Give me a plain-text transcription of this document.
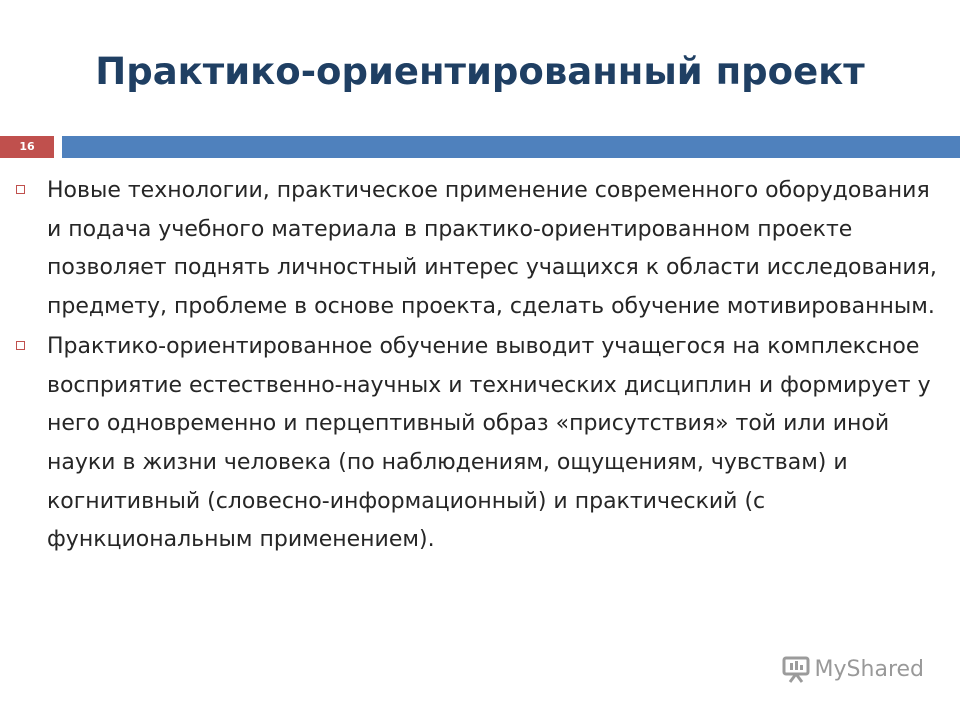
Практико-ориентированный проект
16
Новые технологии, практическое применение современного оборудования и подача учебного материала в практико-ориентированном проекте позволяет поднять личностный интерес учащихся к области исследования, предмету, проблеме в основе проекта, сделать обучение мотивированным.
Практико-ориентированное обучение выводит учащегося на комплексное восприятие естественно-научных и технических дисциплин и формирует у него одновременно и перцептивный образ «присутствия» той или иной науки в жизни человека (по наблюдениям, ощущениям, чувствам) и когнитивный (словесно-информационный) и практический (с функциональным применением).
MyShared
